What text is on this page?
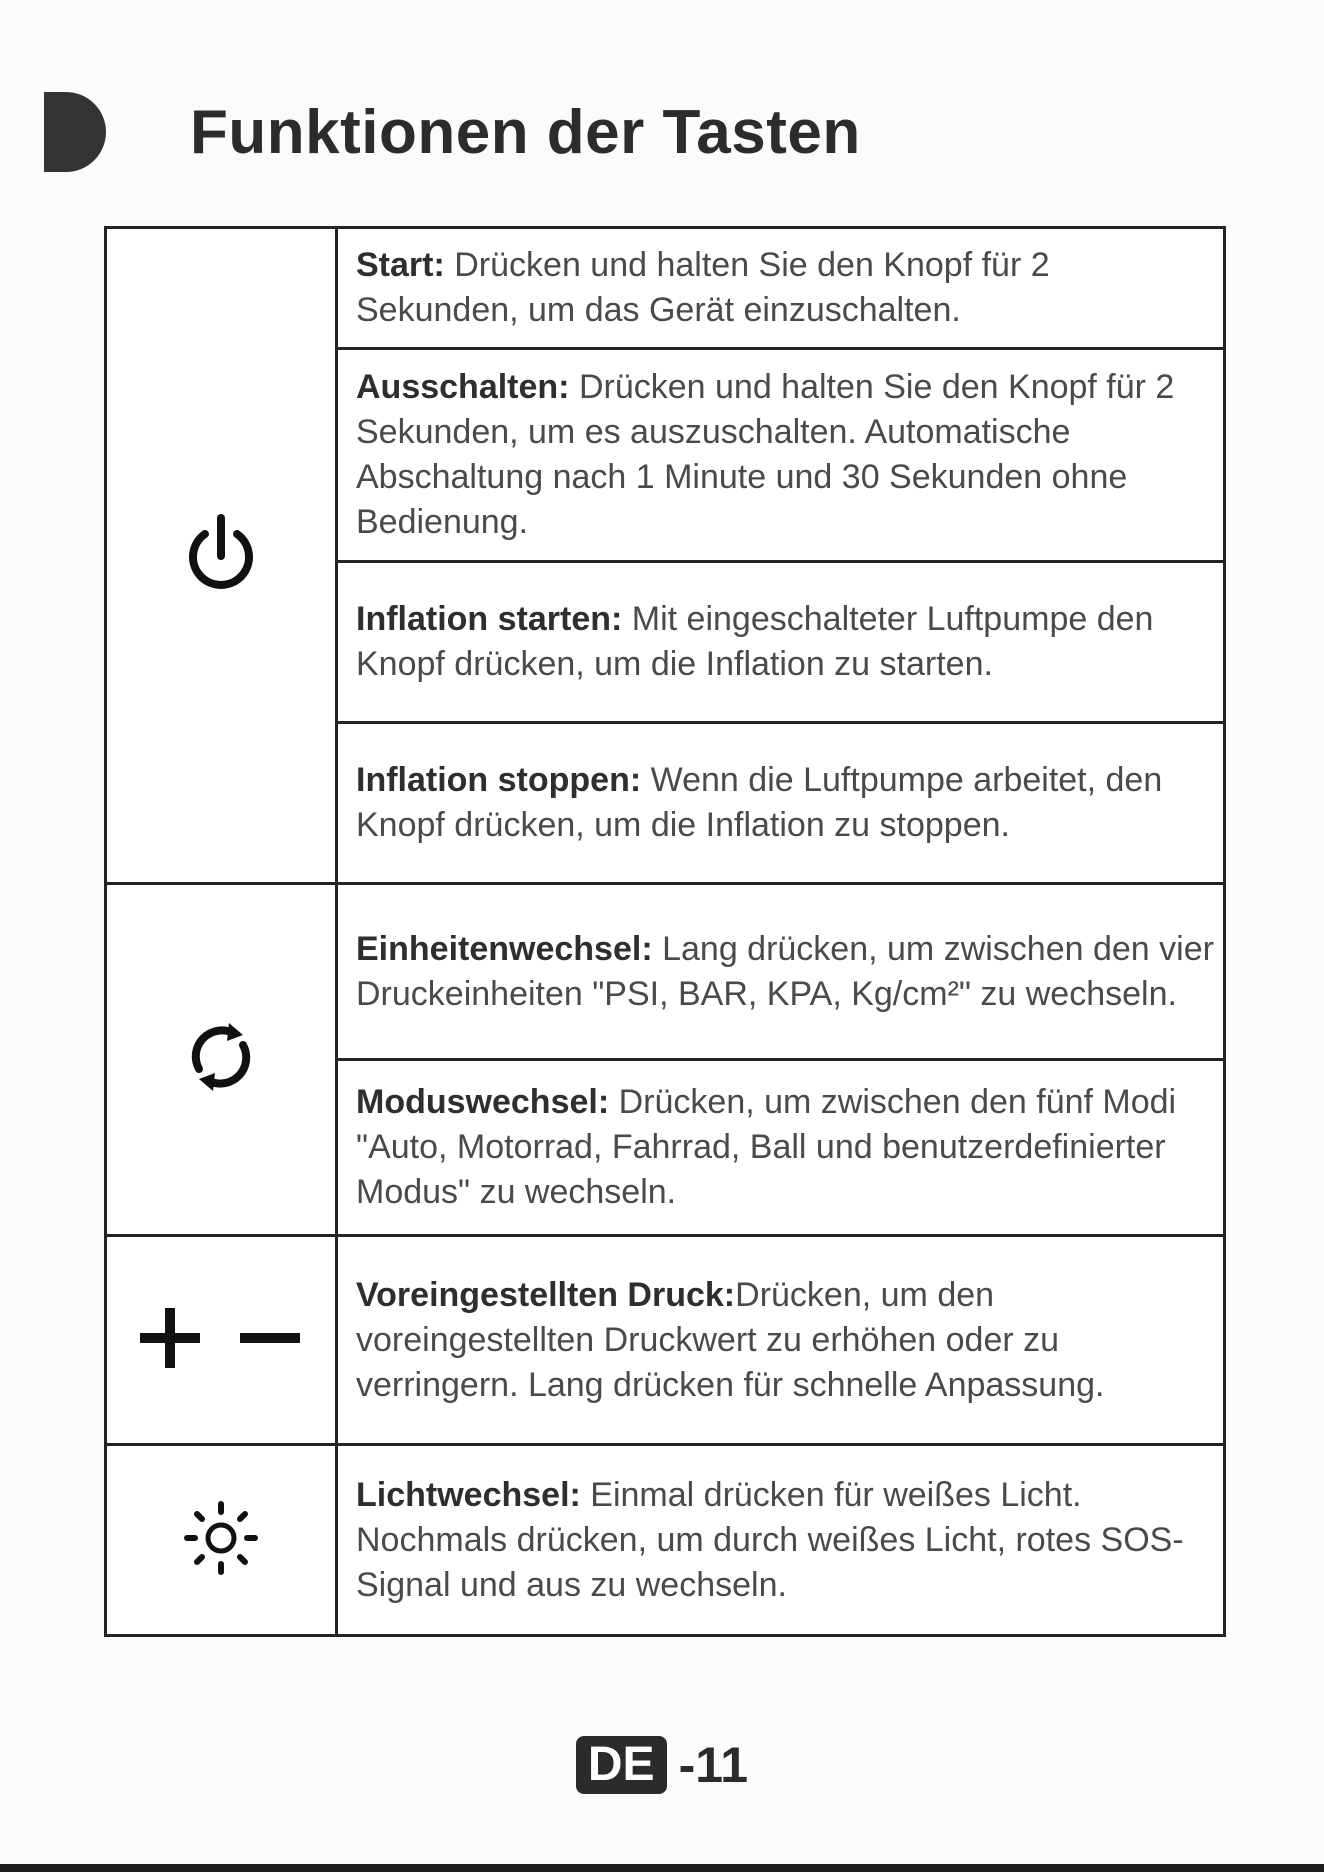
Funktionen der Tasten
	Start: Drücken und halten Sie den Knopf für 2 Sekunden, um das Gerät einzuschalten.
	Ausschalten: Drücken und halten Sie den Knopf für 2 Sekunden, um es auszuschalten. Automatische Abschaltung nach 1 Minute und 30 Sekunden ohne Bedienung.
	Inflation starten: Mit eingeschalteter Luftpumpe den Knopf drücken, um die Inflation zu starten.
	Inflation stoppen: Wenn die Luftpumpe arbeitet, den Knopf drücken, um die Inflation zu stoppen.
	Einheitenwechsel: Lang drücken, um zwischen den vier Druckeinheiten "PSI, BAR, KPA, Kg/cm²" zu wechseln.
	Moduswechsel: Drücken, um zwischen den fünf Modi "Auto, Motorrad, Fahrrad, Ball und benutzerdefinierter Modus" zu wechseln.
	Voreingestellten Druck:Drücken, um den voreingestellten Druckwert zu erhöhen oder zu verringern. Lang drücken für schnelle Anpassung.
	Lichtwechsel: Einmal drücken für weißes Licht. Nochmals drücken, um durch weißes Licht, rotes SOS-Signal und aus zu wechseln.
DE -11
